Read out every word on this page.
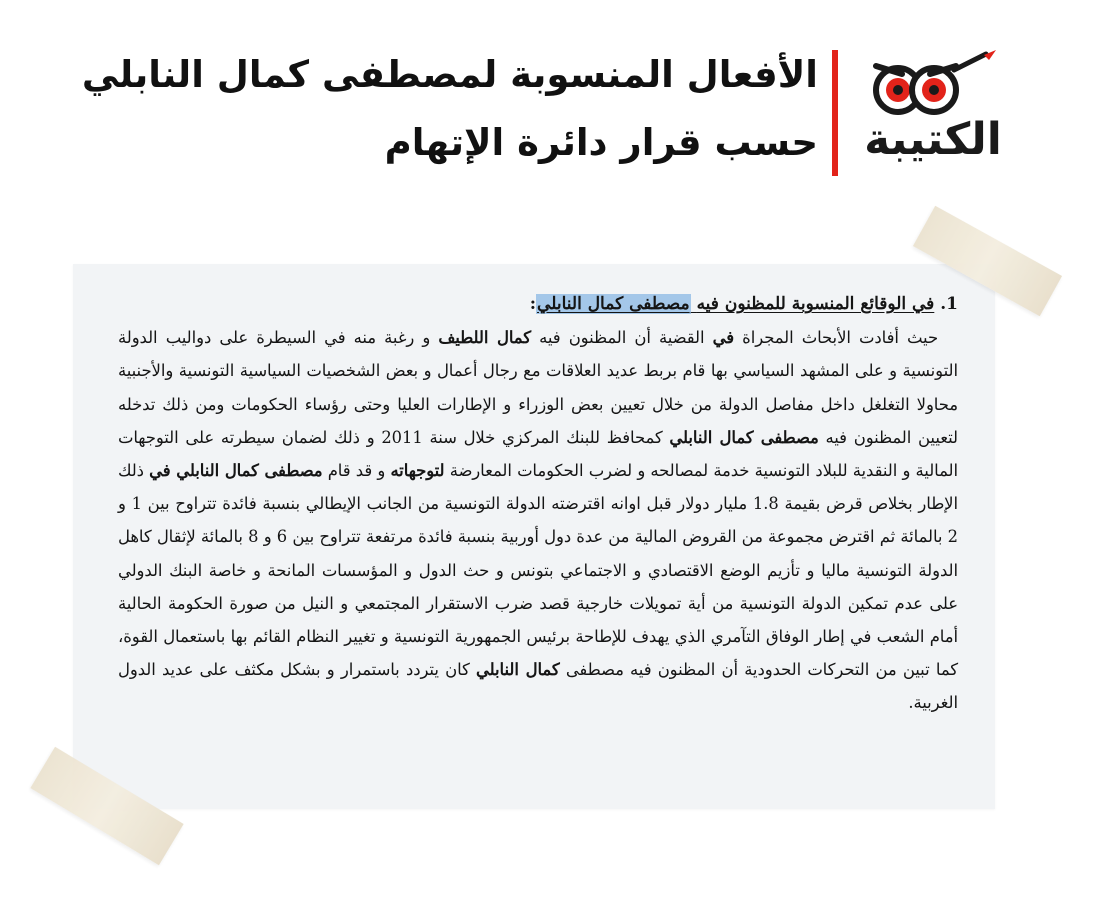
الكتيبة
الأفعال المنسوبة لمصطفى كمال النابلي
حسب قرار دائرة الإتهام
1. في الوقائع المنسوبة للمظنون فيه مصطفى كمال النابلي:

حيث أفادت الأبحاث المجراة في القضية أن المظنون فيه كمال اللطيف و رغبة منه في السيطرة على دواليب الدولة التونسية و على المشهد السياسي بها قام بربط عديد العلاقات مع رجال أعمال و بعض الشخصيات السياسية التونسية والأجنبية محاولا التغلغل داخل مفاصل الدولة من خلال تعيين بعض الوزراء و الإطارات العليا وحتى رؤساء الحكومات ومن ذلك تدخله لتعيين المظنون فيه مصطفى كمال النابلي كمحافظ للبنك المركزي خلال سنة 2011 و ذلك لضمان سيطرته على التوجهات المالية و النقدية للبلاد التونسية خدمة لمصالحه و لضرب الحكومات المعارضة لتوجهاته و قد قام مصطفى كمال النابلي في ذلك الإطار بخلاص قرض بقيمة 1.8 مليار دولار قبل اوانه اقترضته الدولة التونسية من الجانب الإيطالي بنسبة فائدة تتراوح بين 1 و 2 بالمائة ثم اقترض مجموعة من القروض المالية من عدة دول أوربية بنسبة فائدة مرتفعة تتراوح بين 6 و 8 بالمائة لإثقال كاهل الدولة التونسية ماليا و تأزيم الوضع الاقتصادي و الاجتماعي بتونس و حث الدول و المؤسسات المانحة و خاصة البنك الدولي على عدم تمكين الدولة التونسية من أية تمويلات خارجية قصد ضرب الاستقرار المجتمعي و النيل من صورة الحكومة الحالية أمام الشعب في إطار الوفاق التآمري الذي يهدف للإطاحة برئيس الجمهورية التونسية و تغيير النظام القائم بها باستعمال القوة، كما تبين من التحركات الحدودية أن المظنون فيه مصطفى كمال النابلي كان يتردد باستمرار و بشكل مكثف على عديد الدول الغربية.
